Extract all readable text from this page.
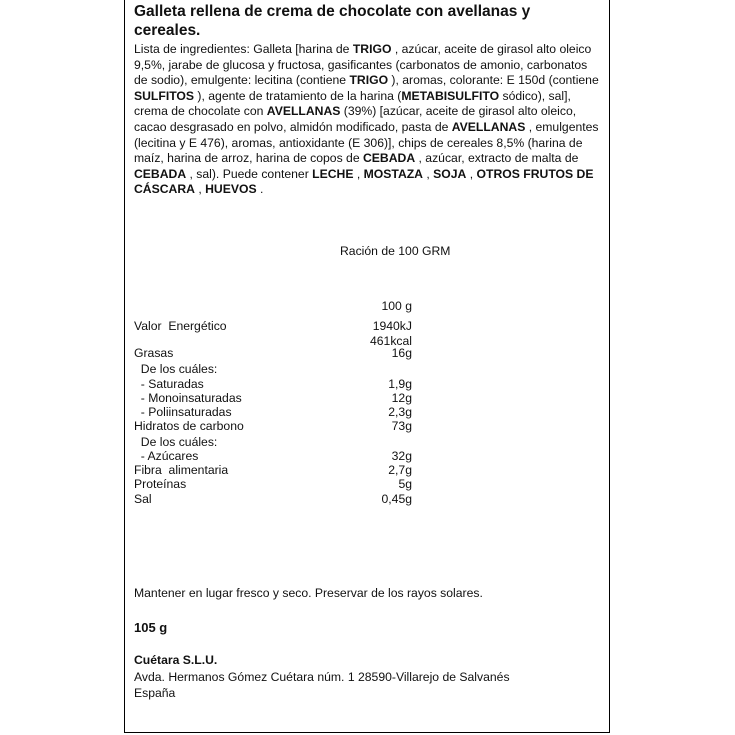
Galleta rellena de crema de chocolate con avellanas y cereales.
Lista de ingredientes: Galleta [harina de TRIGO , azúcar, aceite de girasol alto oleico 9,5%, jarabe de glucosa y fructosa, gasificantes (carbonatos de amonio, carbonatos de sodio), emulgente: lecitina (contiene TRIGO ), aromas, colorante: E 150d (contiene SULFITOS ), agente de tratamiento de la harina (METABISULFITO sódico), sal], crema de chocolate con AVELLANAS (39%) [azúcar, aceite de girasol alto oleico, cacao desgrasado en polvo, almidón modificado, pasta de AVELLANAS , emulgentes (lecitina y E 476), aromas, antioxidante (E 306)], chips de cereales 8,5% (harina de maíz, harina de arroz, harina de copos de CEBADA , azúcar, extracto de malta de CEBADA , sal). Puede contener LECHE , MOSTAZA , SOJA , OTROS FRUTOS DE CÁSCARA , HUEVOS .
Ración de 100 GRM
100 g
Valor  Energético	1940kJ
461kcal
Grasas	16g
De los cuáles:
- Saturadas	1,9g
- Monoinsaturadas	12g
- Poliinsaturadas	2,3g
Hidratos de carbono	73g
De los cuáles:
- Azúcares	32g
Fibra  alimentaria	2,7g
Proteínas	5g
Sal	0,45g
Mantener en lugar fresco y seco. Preservar de los rayos solares.
105 g
Cuétara S.L.U.
Avda. Hermanos Gómez Cuétara núm. 1 28590-Villarejo de Salvanés
España
